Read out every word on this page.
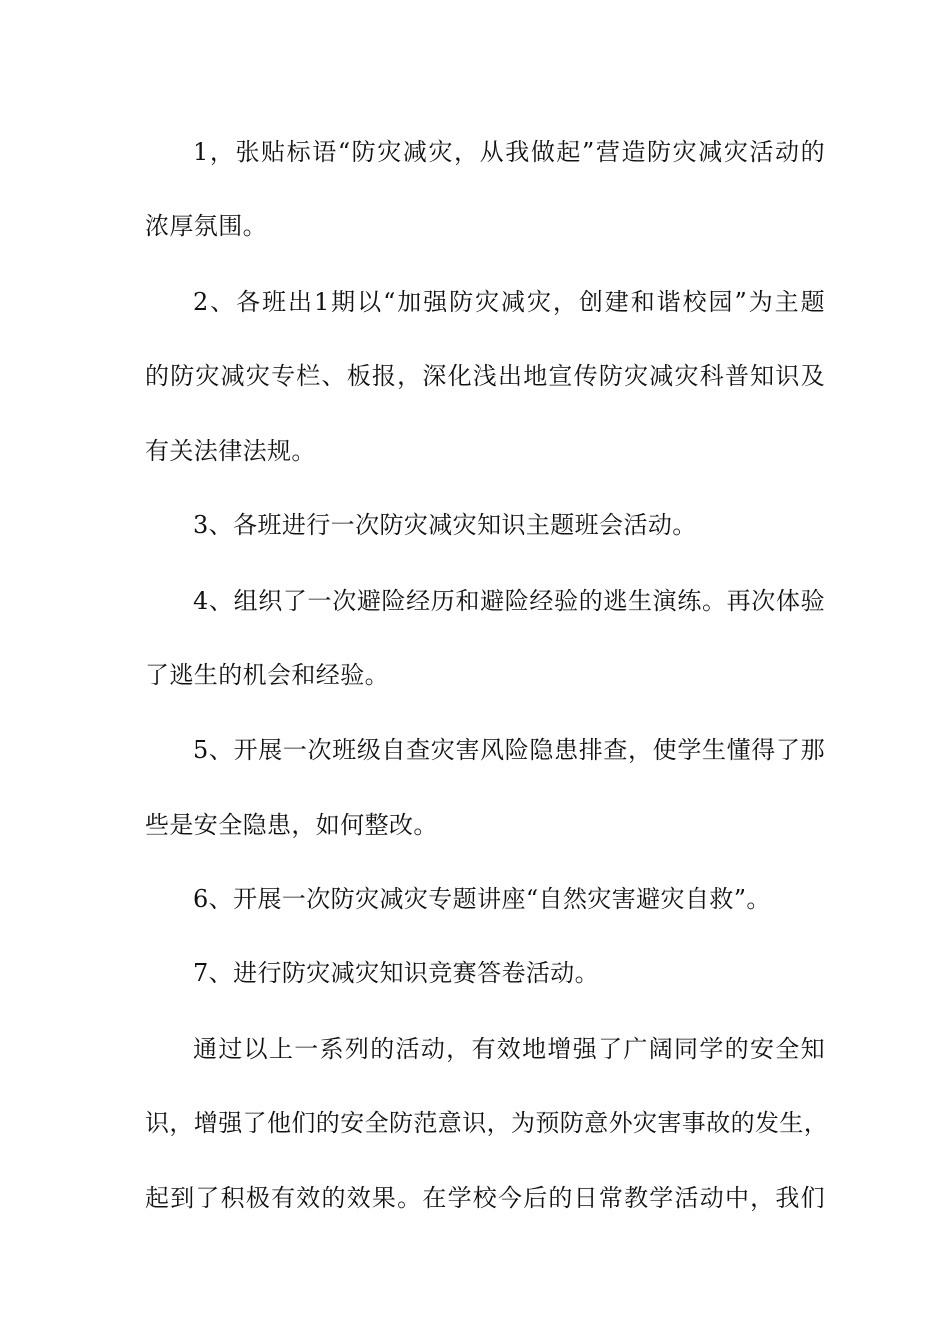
1，张贴标语“防灾减灾，从我做起”营造防灾减灾活动的
浓厚氛围。
2、各班出1期以“加强防灾减灾，创建和谐校园”为主题
的防灾减灾专栏、板报，深化浅出地宣传防灾减灾科普知识及
有关法律法规。
3、各班进行一次防灾减灾知识主题班会活动。
4、组织了一次避险经历和避险经验的逃生演练。再次体验
了逃生的机会和经验。
5、开展一次班级自查灾害风险隐患排查，使学生懂得了那
些是安全隐患，如何整改。
6、开展一次防灾减灾专题讲座“自然灾害避灾自救”。
7、进行防灾减灾知识竞赛答卷活动。
通过以上一系列的活动，有效地增强了广阔同学的安全知
识，增强了他们的安全防范意识，为预防意外灾害事故的发生，
起到了积极有效的效果。在学校今后的日常教学活动中，我们
